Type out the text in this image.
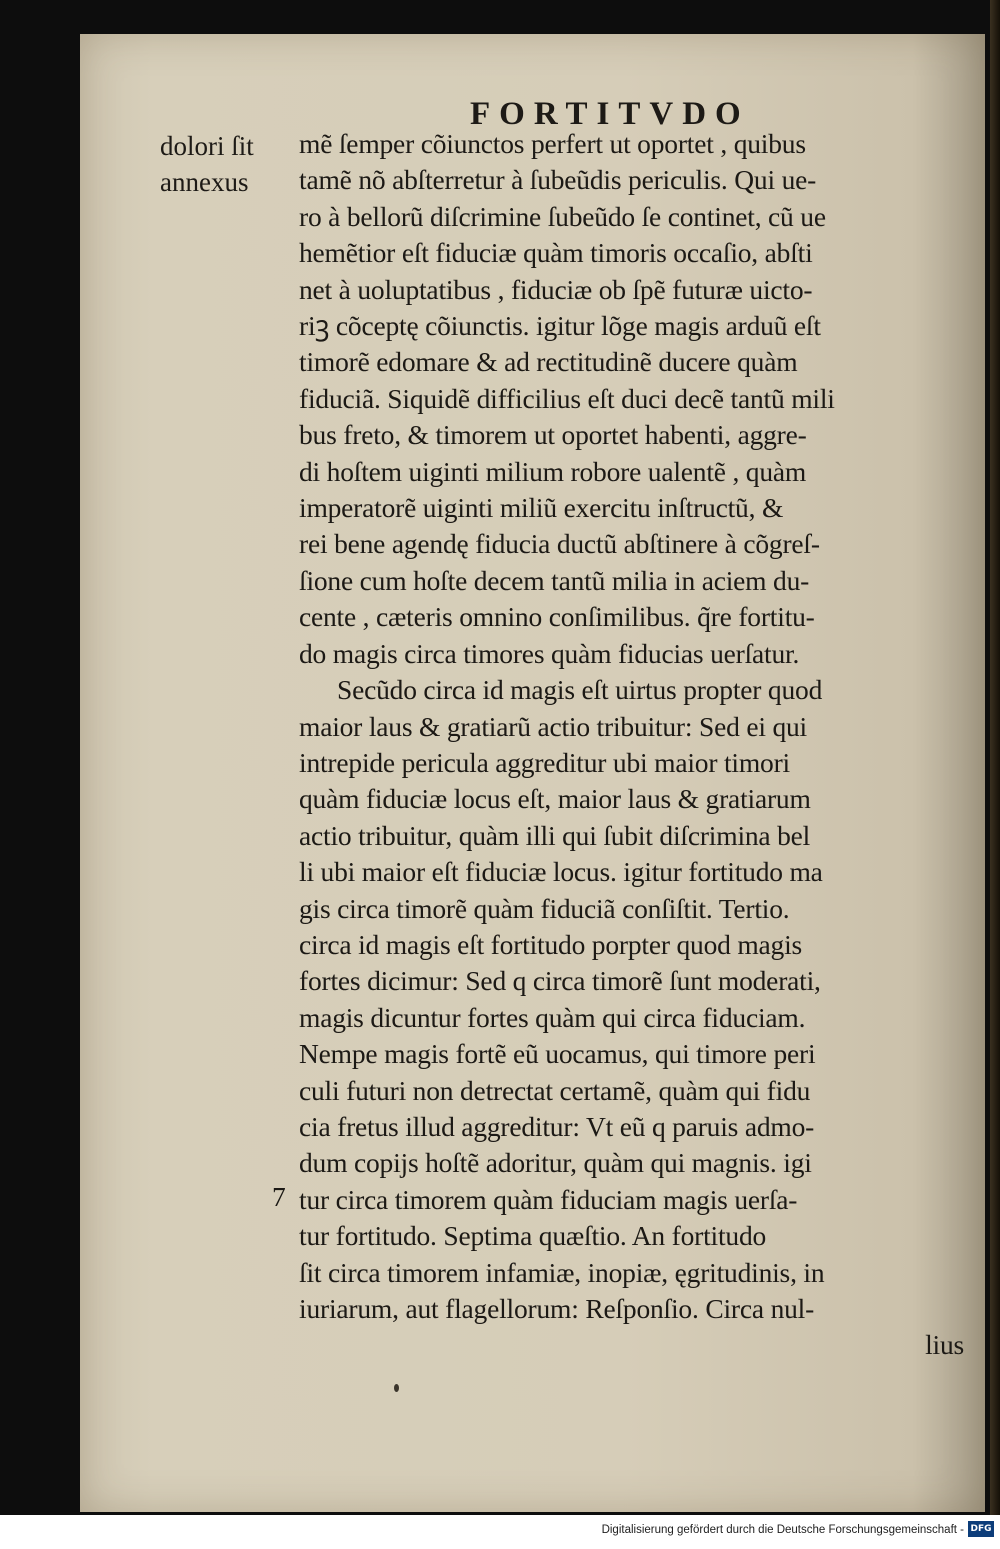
FORTITVDO
dolori ſit
annexus
7
mẽ ſemper cõiunctos perfert ut oportet , quibus
tamẽ nõ abſterretur à ſubeũdis periculis. Qui ue-
ro à bellorũ diſcrimine ſubeũdo ſe continet, cũ ue
hemẽtior eſt fiduciæ quàm timoris occaſio, abſti
net à uoluptatibus , fiduciæ ob ſpẽ futuræ uicto-
riꝫ cõceptę cõiunctis. igitur lõge magis arduũ eſt
timorẽ edomare & ad rectitudinẽ ducere quàm
fiduciã. Siquidẽ difficilius eſt duci decẽ tantũ mili
bus freto, & timorem ut oportet habenti, aggre-
di hoſtem uiginti milium robore ualentẽ , quàm
imperatorẽ uiginti miliũ exercitu inſtructũ, &
rei bene agendę fiducia ductũ abſtinere à cõgreſ-
ſione cum hoſte decem tantũ milia in aciem du-
cente , cæteris omnino conſimilibus. q̃re fortitu-
do magis circa timores quàm fiducias uerſatur.
Secũdo circa id magis eſt uirtus propter quod
maior laus & gratiarũ actio tribuitur: Sed ei qui
intrepide pericula aggreditur ubi maior timori
quàm fiduciæ locus eſt, maior laus & gratiarum
actio tribuitur, quàm illi qui ſubit diſcrimina bel
li ubi maior eſt fiduciæ locus. igitur fortitudo ma
gis circa timorẽ quàm fiduciã conſiſtit. Tertio.
circa id magis eſt fortitudo porpter quod magis
fortes dicimur: Sed q circa timorẽ ſunt moderati,
magis dicuntur fortes quàm qui circa fiduciam.
Nempe magis fortẽ eũ uocamus, qui timore peri
culi futuri non detrectat certamẽ, quàm qui fidu
cia fretus illud aggreditur: Vt eũ q paruis admo-
dum copijs hoſtẽ adoritur, quàm qui magnis. igi
tur circa timorem quàm fiduciam magis uerſa-
tur fortitudo. Septima quæſtio. An fortitudo
ſit circa timorem infamiæ, inopiæ, ęgritudinis, in
iuriarum, aut flagellorum: Reſponſio. Circa nul-
lius
Digitalisierung gefördert durch die Deutsche Forschungsgemeinschaft - DFG
